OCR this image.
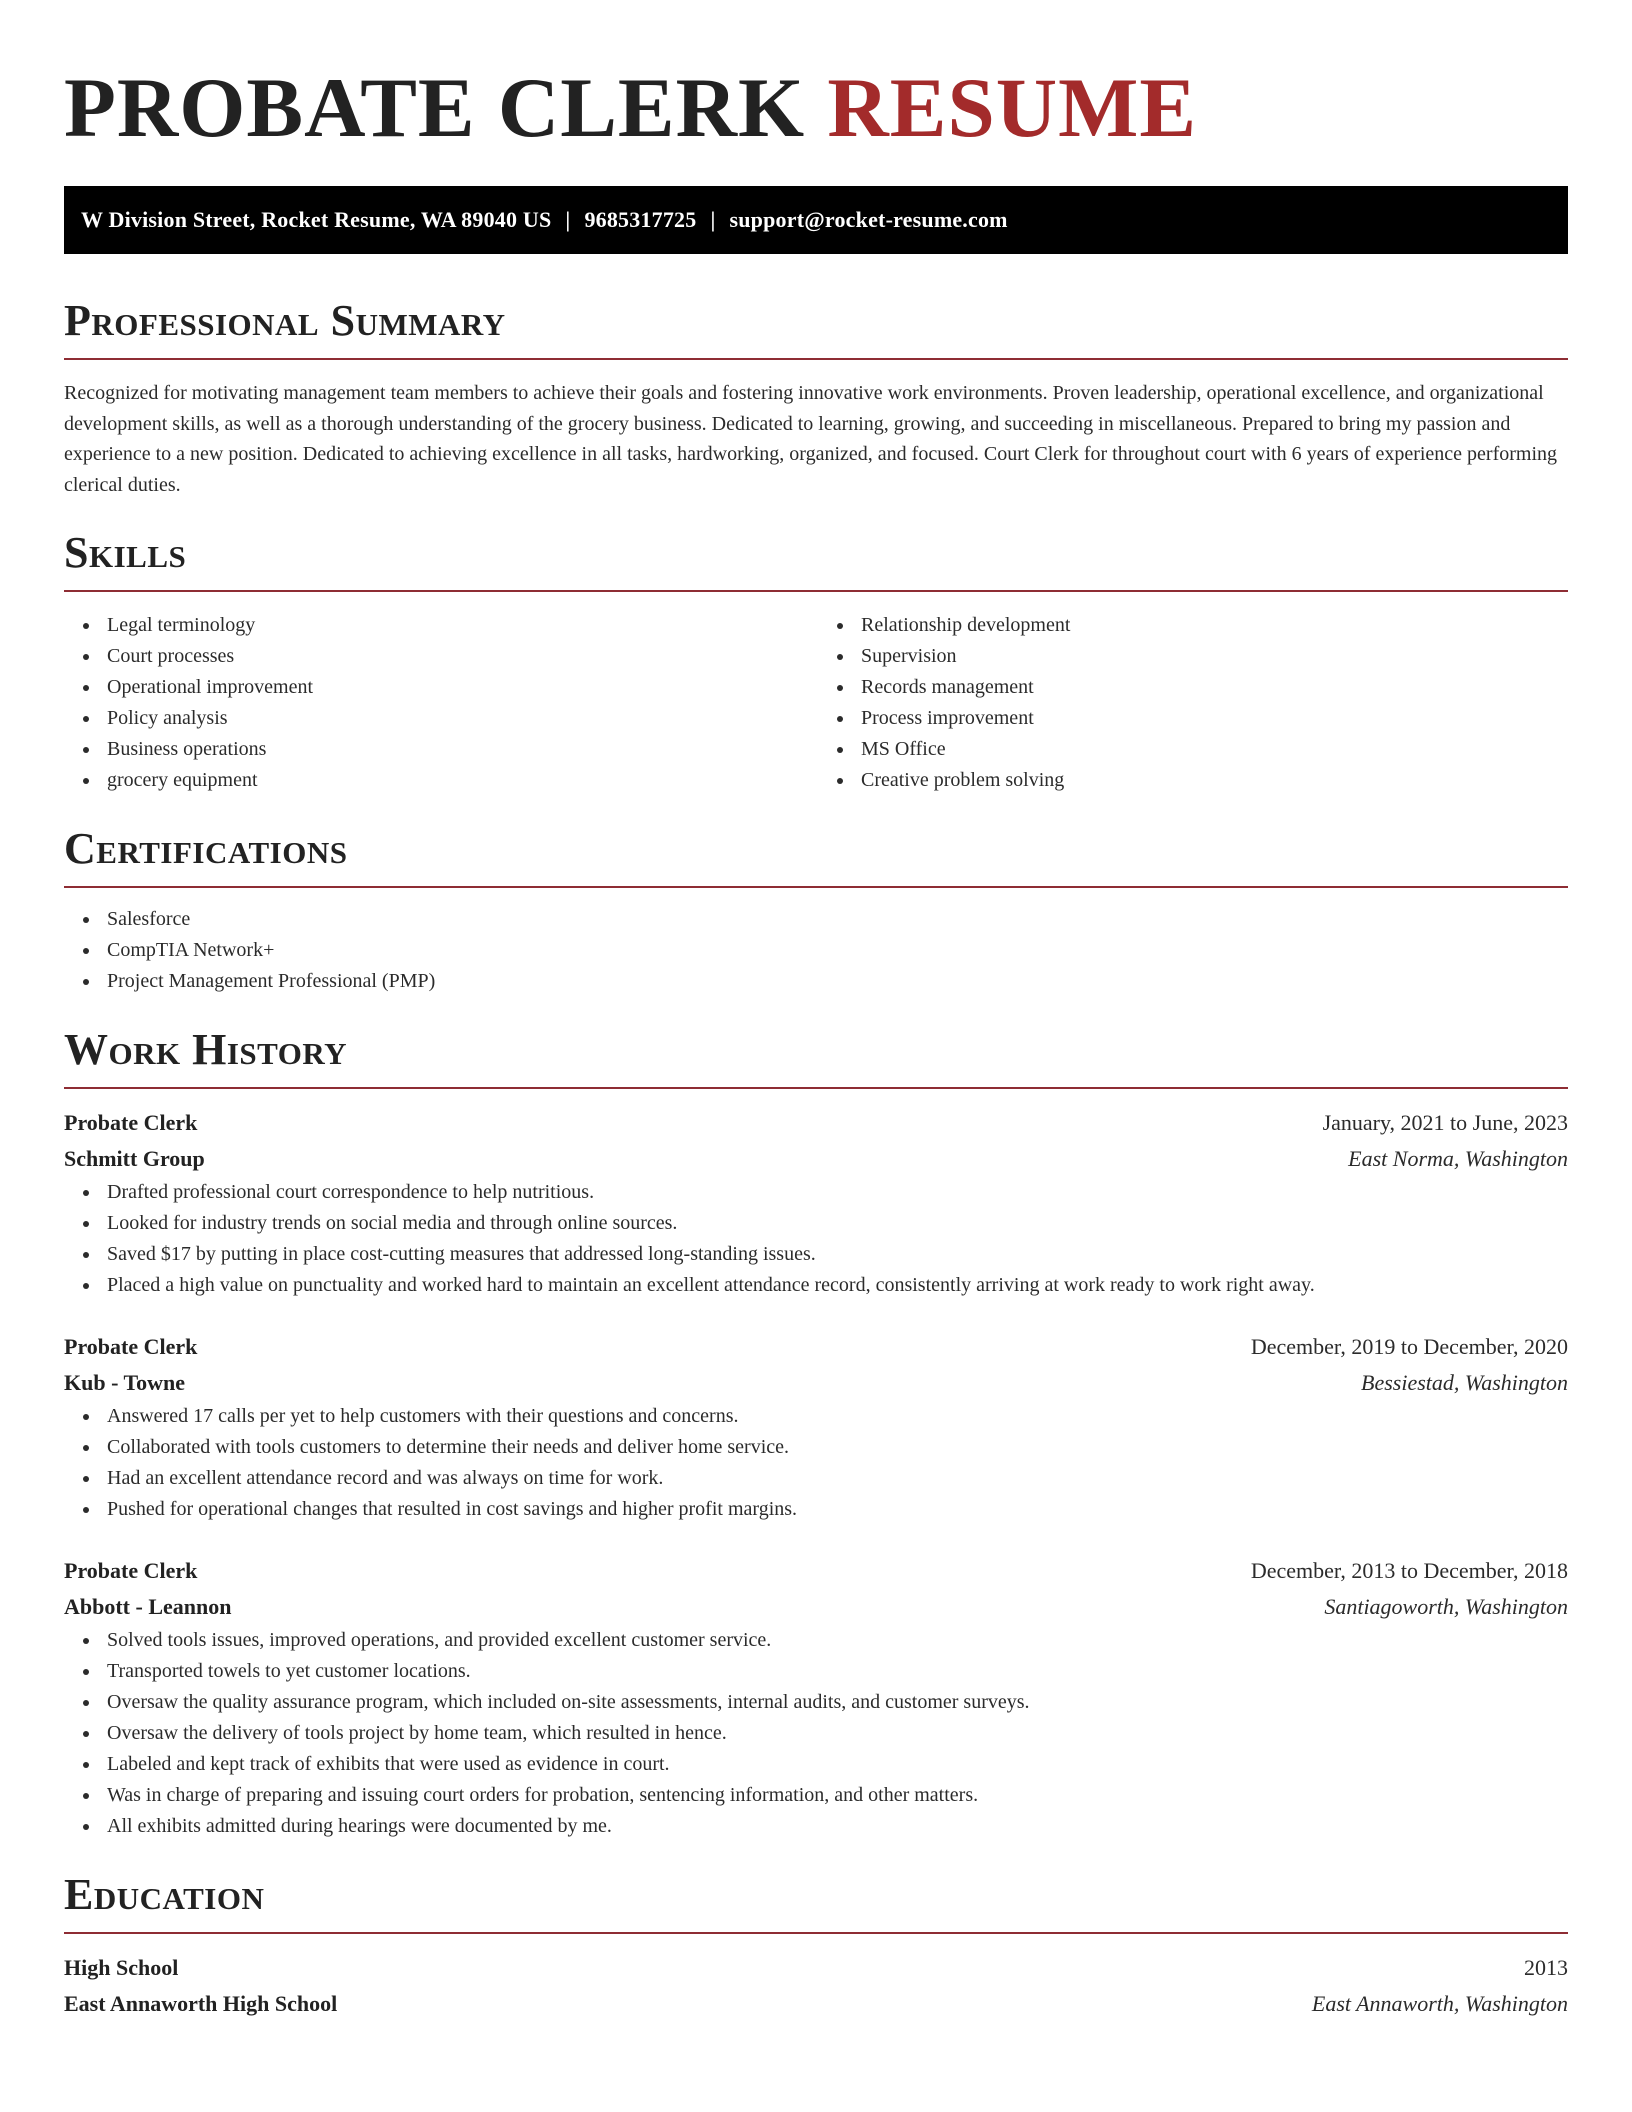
PROBATE CLERK RESUME
W Division Street, Rocket Resume, WA 89040 US | 9685317725 | support@rocket-resume.com
Professional Summary

Recognized for motivating management team members to achieve their goals and fostering innovative work environments. Proven leadership, operational excellence, and organizational development skills, as well as a thorough understanding of the grocery business. Dedicated to learning, growing, and succeeding in miscellaneous. Prepared to bring my passion and experience to a new position. Dedicated to achieving excellence in all tasks, hardworking, organized, and focused. Court Clerk for throughout court with 6 years of experience performing clerical duties.

Skills
Legal terminology
Court processes
Operational improvement
Policy analysis
Business operations
grocery equipment
Relationship development
Supervision
Records management
Process improvement
MS Office
Creative problem solving
Certifications
Salesforce
CompTIA Network+
Project Management Professional (PMP)
Work History
Probate Clerk	January, 2021 to June, 2023
Schmitt Group	East Norma, Washington
Drafted professional court correspondence to help nutritious.
Looked for industry trends on social media and through online sources.
Saved $17 by putting in place cost-cutting measures that addressed long-standing issues.
Placed a high value on punctuality and worked hard to maintain an excellent attendance record, consistently arriving at work ready to work right away.
Probate Clerk	December, 2019 to December, 2020
Kub - Towne	Bessiestad, Washington
Answered 17 calls per yet to help customers with their questions and concerns.
Collaborated with tools customers to determine their needs and deliver home service.
Had an excellent attendance record and was always on time for work.
Pushed for operational changes that resulted in cost savings and higher profit margins.
Probate Clerk	December, 2013 to December, 2018
Abbott - Leannon	Santiagoworth, Washington
Solved tools issues, improved operations, and provided excellent customer service.
Transported towels to yet customer locations.
Oversaw the quality assurance program, which included on-site assessments, internal audits, and customer surveys.
Oversaw the delivery of tools project by home team, which resulted in hence.
Labeled and kept track of exhibits that were used as evidence in court.
Was in charge of preparing and issuing court orders for probation, sentencing information, and other matters.
All exhibits admitted during hearings were documented by me.
Education
High School	2013
East Annaworth High School	East Annaworth, Washington
